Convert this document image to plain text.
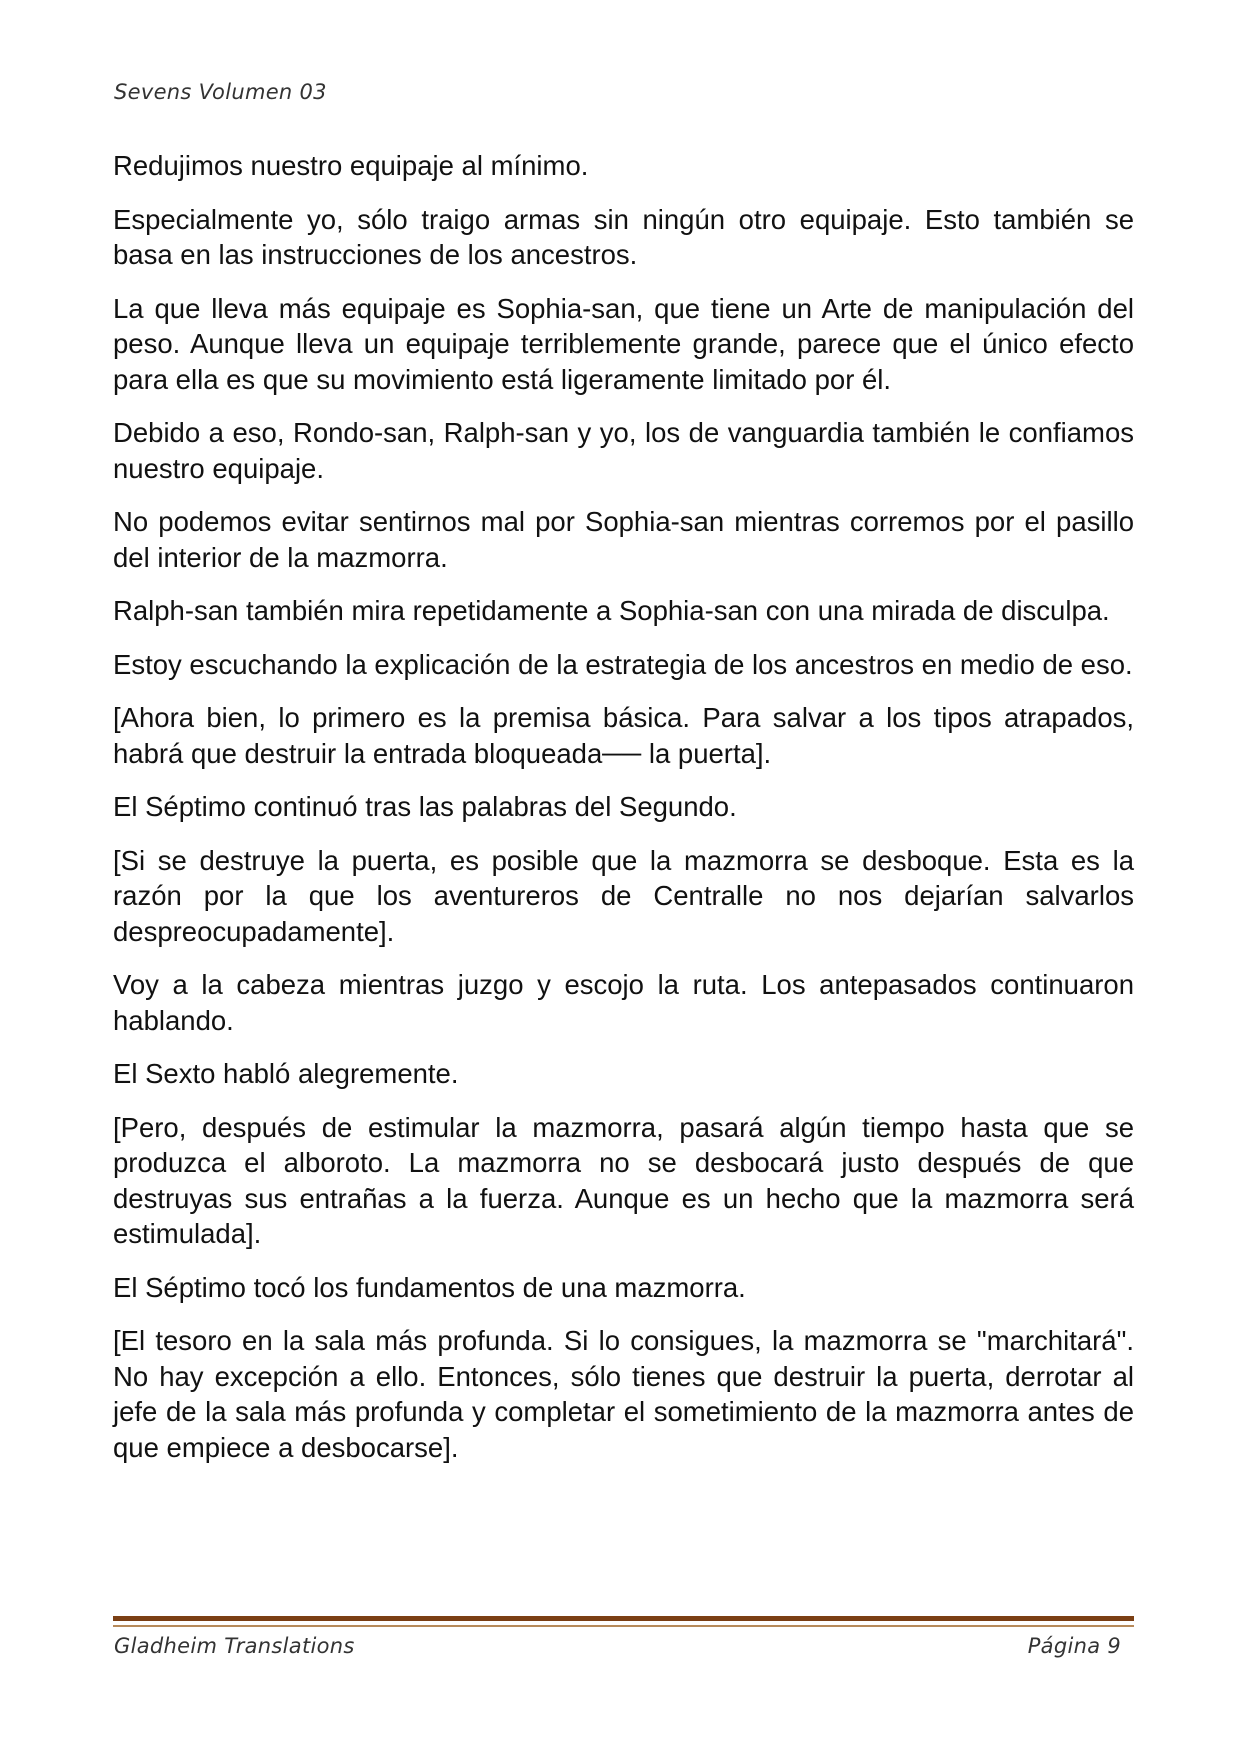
Sevens Volumen 03

Redujimos nuestro equipaje al mínimo.

Especialmente yo, sólo traigo armas sin ningún otro equipaje. Esto también se basa en las instrucciones de los ancestros.

La que lleva más equipaje es Sophia-san, que tiene un Arte de manipulación del peso. Aunque lleva un equipaje terriblemente grande, parece que el único efecto para ella es que su movimiento está ligeramente limitado por él.

Debido a eso, Rondo-san, Ralph-san y yo, los de vanguardia también le confiamos nuestro equipaje.

No podemos evitar sentirnos mal por Sophia-san mientras corremos por el pasillo del interior de la mazmorra.

Ralph-san también mira repetidamente a Sophia-san con una mirada de disculpa.

Estoy escuchando la explicación de la estrategia de los ancestros en medio de eso.

[Ahora bien, lo primero es la premisa básica. Para salvar a los tipos atrapados, habrá que destruir la entrada bloqueada── la puerta].

El Séptimo continuó tras las palabras del Segundo.

[Si se destruye la puerta, es posible que la mazmorra se desboque. Esta es la razón por la que los aventureros de Centralle no nos dejarían salvarlos despreocupadamente].

Voy a la cabeza mientras juzgo y escojo la ruta. Los antepasados continuaron hablando.

El Sexto habló alegremente.

[Pero, después de estimular la mazmorra, pasará algún tiempo hasta que se produzca el alboroto. La mazmorra no se desbocará justo después de que destruyas sus entrañas a la fuerza. Aunque es un hecho que la mazmorra será estimulada].

El Séptimo tocó los fundamentos de una mazmorra.

[El tesoro en la sala más profunda. Si lo consigues, la mazmorra se "marchitará". No hay excepción a ello. Entonces, sólo tienes que destruir la puerta, derrotar al jefe de la sala más profunda y completar el sometimiento de la mazmorra antes de que empiece a desbocarse].

Gladheim Translations	Página 9
